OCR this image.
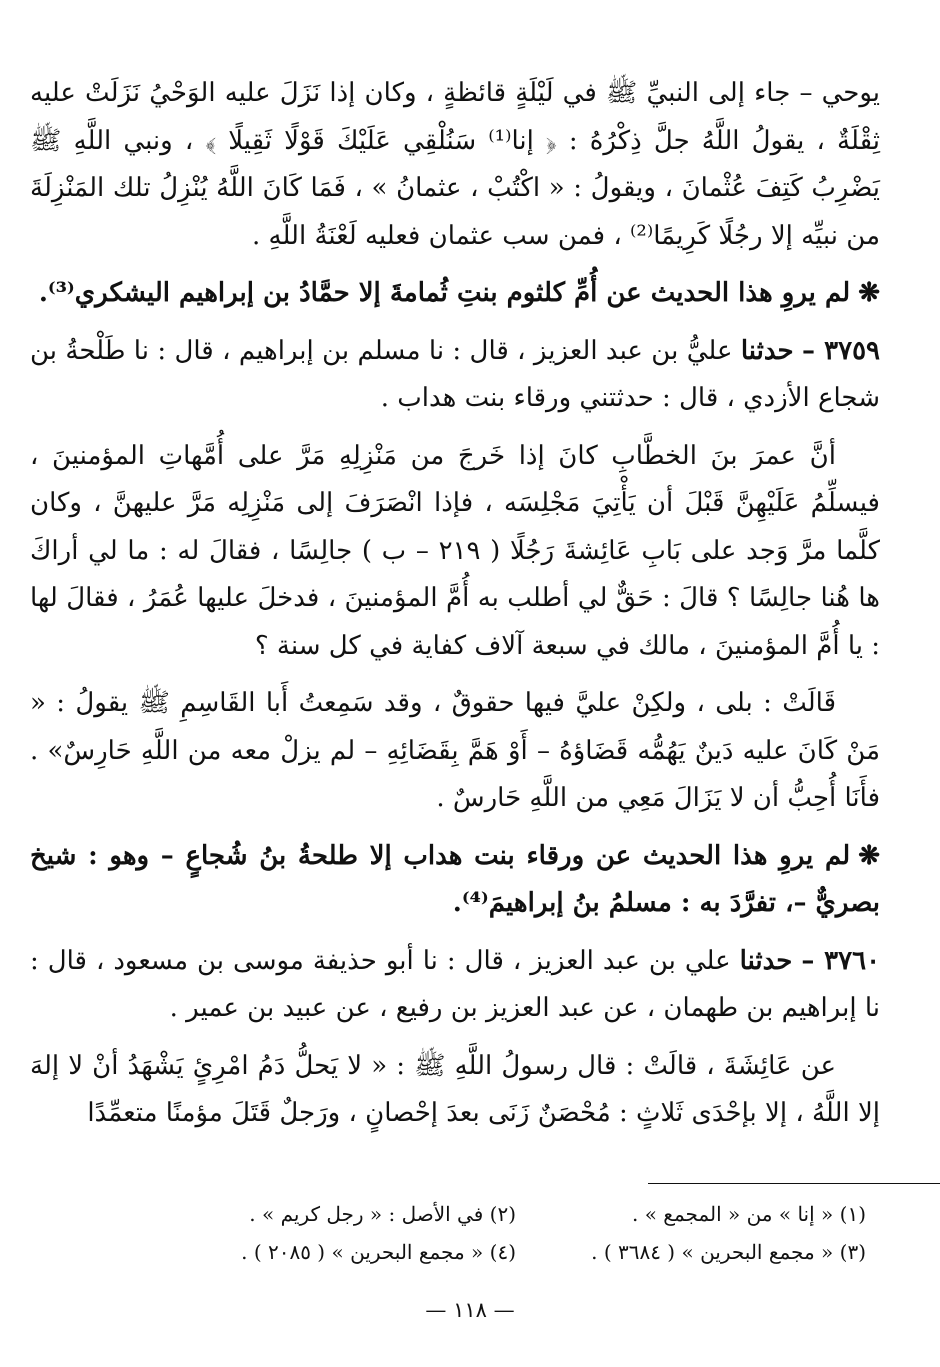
يوحي – جاء إلى النبيِّ ﷺ في لَيْلَةٍ قائظةٍ ، وكان إذا نَزَلَ عليه الوَحْيُ نَزَلَتْ عليه ثِقْلَةٌ ، يقولُ اللَّهُ جلَّ ذِكْرُهُ : ﴿ إنا⁽¹⁾ سَنُلْقِي عَلَيْكَ قَوْلًا ثَقِيلًا ﴾ ، ونبي اللَّهِ ﷺ يَضْرِبُ كَتِفَ عُثْمانَ ، ويقولُ : « اكْتُبْ ، عثمانُ » ، فَمَا كَانَ اللَّهُ يُنْزِلُ تلك المَنْزِلَةَ من نبيِّه إلا رجُلًا كَرِيمًا⁽²⁾ ، فمن سب عثمان فعليه لَعْنَةُ اللَّهِ .

❋لم يروِ هذا الحديث عن أُمِّ كلثوم بنتِ ثُمامةَ إلا حمَّادُ بن إبراهيم اليشكري⁽³⁾.

٣٧٥٩ – حدثنا عليُّ بن عبد العزيز ، قال : نا مسلم بن إبراهيم ، قال : نا طَلْحةُ بن شجاع الأزدي ، قال : حدثتني ورقاء بنت هداب .

أنَّ عمرَ بنَ الخطَّابِ كانَ إذا خَرجَ من مَنْزِلِهِ مَرَّ على أُمَّهاتِ المؤمنينَ ، فيسلِّمُ عَلَيْهِنَّ قَبْلَ أن يَأْتِيَ مَجْلِسَه ، فإذا انْصَرَفَ إلى مَنْزِلِه مَرَّ عليهنَّ ، وكان كلَّما مرَّ وَجد على بَابِ عَائِشةَ رَجُلًا ( ٢١٩ – ب ) جالِسًا ، فقالَ له : ما لي أراكَ ها هُنا جالِسًا ؟ قالَ : حَقٌّ لي أطلب به أُمَّ المؤمنينَ ، فدخلَ عليها عُمَرُ ، فقالَ لها : يا أُمَّ المؤمنينَ ، مالك في سبعة آلاف كفاية في كل سنة ؟

قَالَتْ : بلى ، ولكِنْ عليَّ فيها حقوقٌ ، وقد سَمِعتُ أَبا القَاسِمِ ﷺ يقولُ : « مَنْ كَانَ عليه دَينٌ يَهُمُّه قَضَاؤهُ – أَوْ هَمَّ بِقَضَائِهِ – لم يزلْ معه من اللَّهِ حَارِسٌ» . فأَنَا أُحِبُّ أن لا يَزَالَ مَعِي من اللَّهِ حَارسٌ .

❋لم يروِ هذا الحديث عن ورقاء بنت هداب إلا طلحةُ بنُ شُجاعٍ – وهو : شيخ بصريٌّ –، تفرَّدَ به : مسلمُ بنُ إبراهيمَ⁽⁴⁾.

٣٧٦٠ – حدثنا علي بن عبد العزيز ، قال : نا أبو حذيفة موسى بن مسعود ، قال : نا إبراهيم بن طهمان ، عن عبد العزيز بن رفيع ، عن عبيد بن عمير .

عن عَائِشَةَ ، قالَتْ : قال رسولُ اللَّهِ ﷺ : « لا يَحلُّ دَمُ امْرِئٍ يَشْهَدُ أنْ لا إلهَ إلا اللَّهُ ، إلا بإحْدَى ثَلاثٍ : مُحْصَنٌ زَنَى بعدَ إحْصانٍ ، ورَجلٌ قَتَلَ مؤمنًا متعمِّدًا

(١) « إنا » من « المجمع » .
(٢) في الأصل : « رجل كريم » .
(٣) « مجمع البحرين » ( ٣٦٨٤ ) .
(٤) « مجمع البحرين » ( ٢٠٨٥ ) .
— ١١٨ —
